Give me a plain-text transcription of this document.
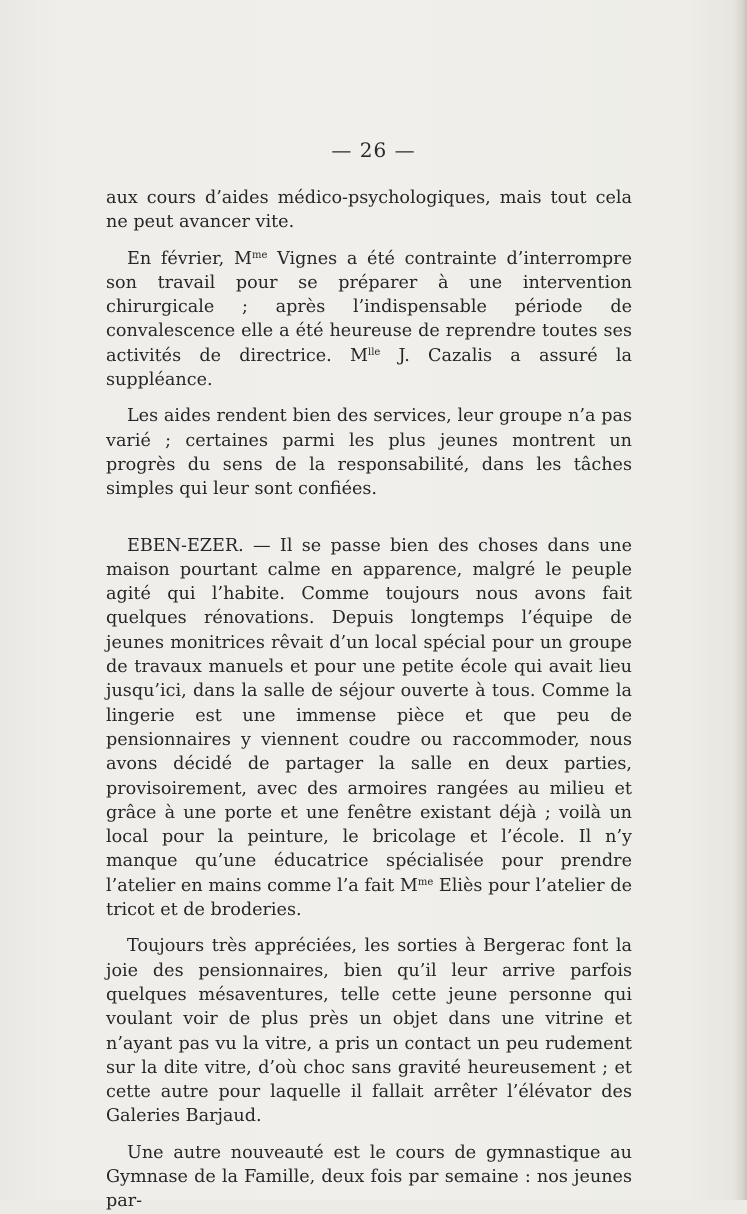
— 26 —

aux cours d’aides médico-psychologiques, mais tout cela ne peut avancer vite.

En février, $M^{me}$ Vignes a été contrainte d’interrompre son travail pour se préparer à une intervention chirurgicale ; après l’indispensable période de convalescence elle a été heureuse de reprendre toutes ses activités de directrice. $M^{lle}$ J. Cazalis a assuré la suppléance.

Les aides rendent bien des services, leur groupe n’a pas varié ; certaines parmi les plus jeunes montrent un progrès du sens de la responsabilité, dans les tâches simples qui leur sont confiées.

EBEN-EZER. — Il se passe bien des choses dans une maison pourtant calme en apparence, malgré le peuple agité qui l’habite. Comme toujours nous avons fait quelques rénovations. Depuis longtemps l’équipe de jeunes monitrices rêvait d’un local spécial pour un groupe de travaux manuels et pour une petite école qui avait lieu jusqu’ici, dans la salle de séjour ouverte à tous. Comme la lingerie est une immense pièce et que peu de pensionnaires y viennent coudre ou raccommoder, nous avons décidé de partager la salle en deux parties, provisoirement, avec des armoires rangées au milieu et grâce à une porte et une fenêtre existant déjà ; voilà un local pour la peinture, le bricolage et l’école. Il n’y manque qu’une éducatrice spécialisée pour prendre l’atelier en mains comme l’a fait $M^{me}$ Eliès pour l’atelier de tricot et de broderies.

Toujours très appréciées, les sorties à Bergerac font la joie des pensionnaires, bien qu’il leur arrive parfois quelques mésaventures, telle cette jeune personne qui voulant voir de plus près un objet dans une vitrine et n’ayant pas vu la vitre, a pris un contact un peu rudement sur la dite vitre, d’où choc sans gravité heureusement ; et cette autre pour laquelle il fallait arrêter l’élévator des Galeries Barjaud.

Une autre nouveauté est le cours de gymnastique au Gymnase de la Famille, deux fois par semaine : nos jeunes par-
